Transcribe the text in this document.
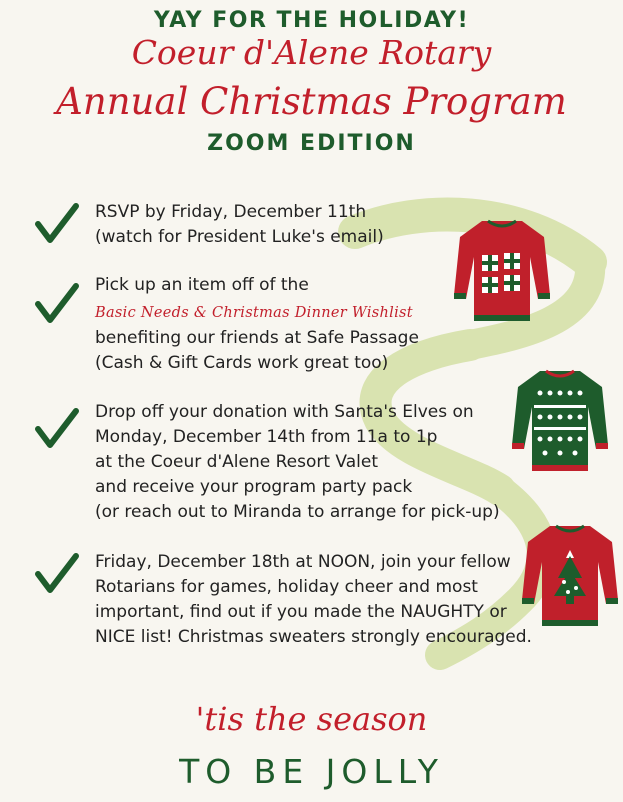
YAY FOR THE HOLIDAY!
Coeur d'Alene Rotary
Annual Christmas Program
ZOOM EDITION
RSVP by Friday, December 11th
(watch for President Luke's email)
Pick up an item off of the
Basic Needs & Christmas Dinner Wishlist
benefiting our friends at Safe Passage
(Cash & Gift Cards work great too)
Drop off your donation with Santa's Elves on
Monday, December 14th from 11a to 1p
at the Coeur d'Alene Resort Valet
and receive your program party pack
(or reach out to Miranda to arrange for pick-up)
Friday, December 18th at NOON, join your fellow
Rotarians for games, holiday cheer and most
important, find out if you made the NAUGHTY or
NICE list! Christmas sweaters strongly encouraged.
'tis the season
TO BE JOLLY
